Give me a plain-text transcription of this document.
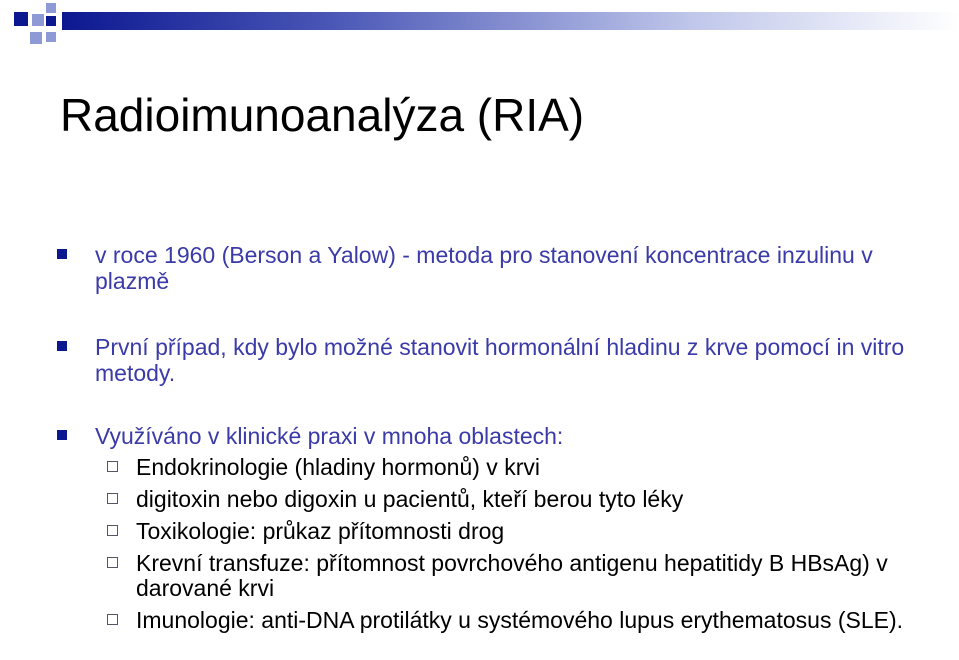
Radioimunoanalýza (RIA)
v roce 1960 (Berson a Yalow) - metoda pro stanovení koncentrace inzulinu v plazmě
První případ, kdy bylo možné stanovit hormonální hladinu z krve pomocí in vitro metody.
Využíváno v klinické praxi v mnoha oblastech:
Endokrinologie (hladiny hormonů) v krvi
digitoxin nebo digoxin u pacientů, kteří berou tyto léky
Toxikologie: průkaz přítomnosti drog
Krevní transfuze: přítomnost povrchového antigenu hepatitidy B HBsAg) v darované krvi
Imunologie: anti-DNA protilátky u systémového lupus erythematosus (SLE).
